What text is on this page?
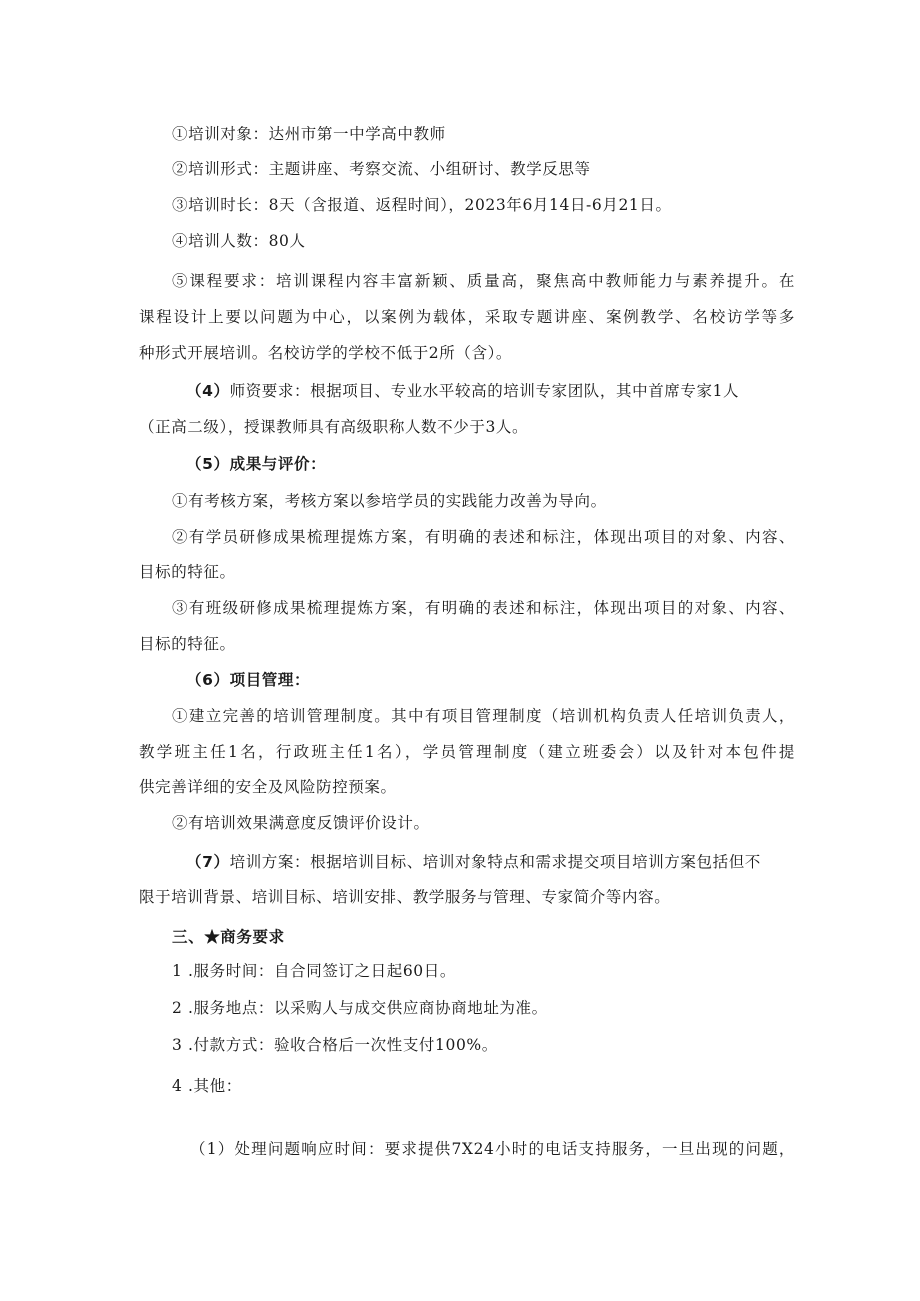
①培训对象：达州市第一中学高中教师
②培训形式：主题讲座、考察交流、小组研讨、教学反思等
③培训时长：8天（含报道、返程时间），2023年6月14日-6月21日。
④培训人数：80人
⑤课程要求：培训课程内容丰富新颖、质量高，聚焦高中教师能力与素养提升。在
课程设计上要以问题为中心，以案例为载体，采取专题讲座、案例教学、名校访学等多
种形式开展培训。名校访学的学校不低于2所（含）。
（4）师资要求：根据项目、专业水平较高的培训专家团队，其中首席专家1人
（正高二级），授课教师具有高级职称人数不少于3人。
（5）成果与评价：
①有考核方案，考核方案以参培学员的实践能力改善为导向。
②有学员研修成果梳理提炼方案，有明确的表述和标注，体现出项目的对象、内容、
目标的特征。
③有班级研修成果梳理提炼方案，有明确的表述和标注，体现出项目的对象、内容、
目标的特征。
（6）项目管理：
①建立完善的培训管理制度。其中有项目管理制度（培训机构负责人任培训负责人，
教学班主任1名，行政班主任1名），学员管理制度（建立班委会）以及针对本包件提
供完善详细的安全及风险防控预案。
②有培训效果满意度反馈评价设计。
（7）培训方案：根据培训目标、培训对象特点和需求提交项目培训方案包括但不
限于培训背景、培训目标、培训安排、教学服务与管理、专家简介等内容。
三、★商务要求
1 .服务时间：自合同签订之日起60日。
2 .服务地点：以采购人与成交供应商协商地址为准。
3 .付款方式：验收合格后一次性支付100%。
4 .其他：
（1）处理问题响应时间：要求提供7X24小时的电话支持服务，一旦出现的问题，
